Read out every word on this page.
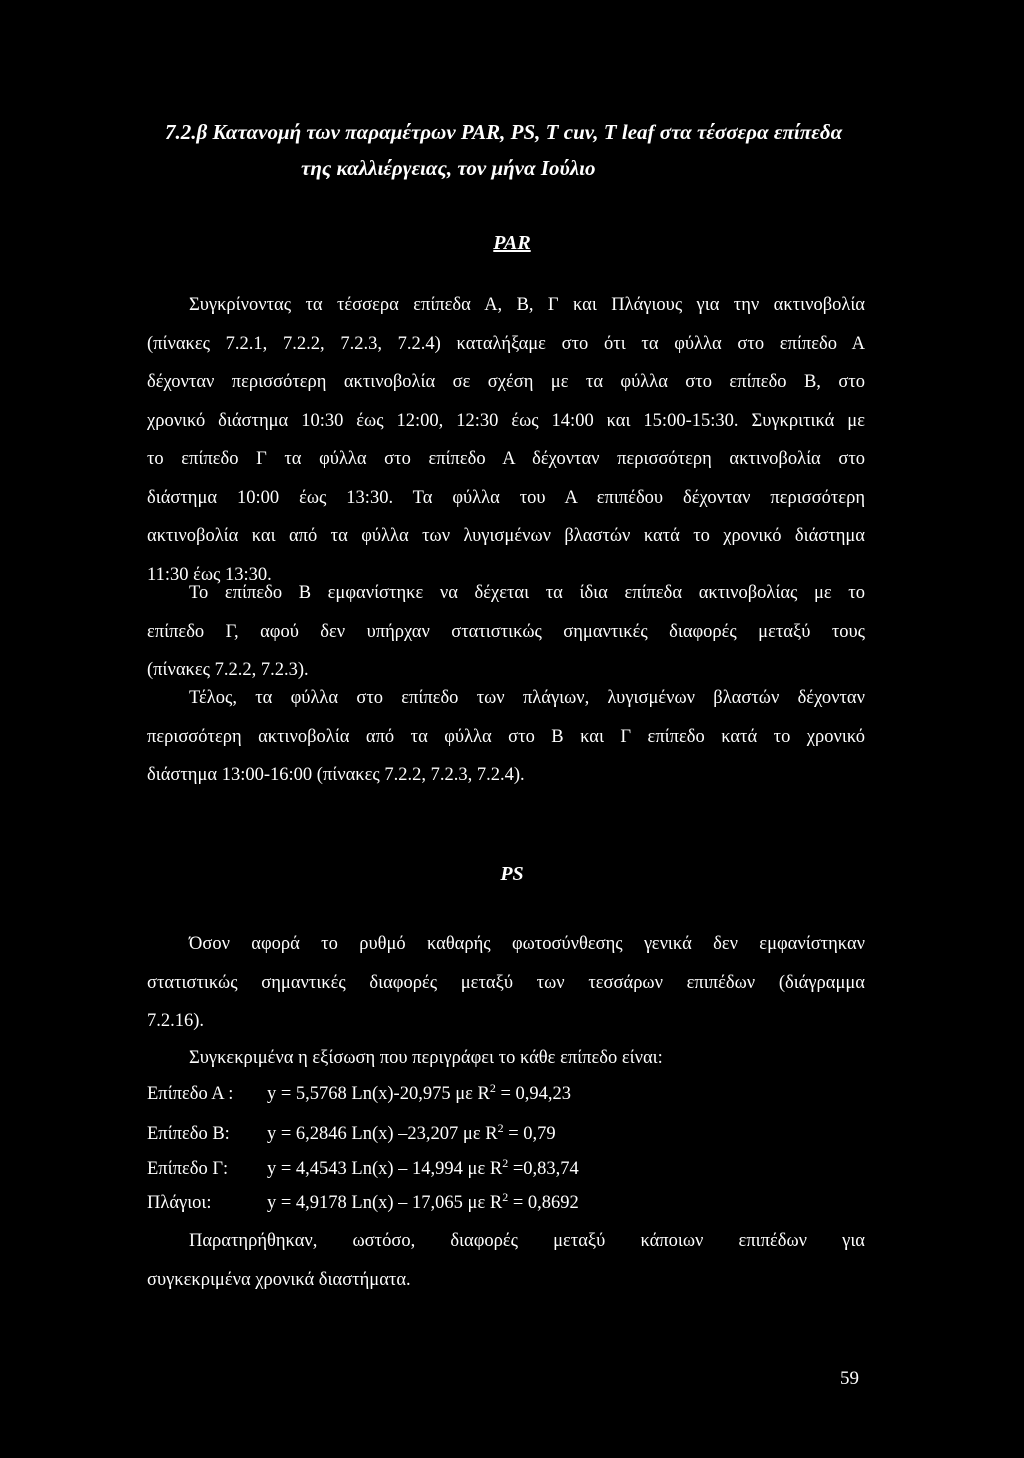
7.2.β Κατανομή των παραμέτρων PAR, PS, T cuv, T leaf στα τέσσερα επίπεδα
της καλλιέργειας, τον μήνα Ιούλιο
PAR
Συγκρίνοντας τα τέσσερα επίπεδα Α, Β, Γ και Πλάγιους για την ακτινοβολία
(πίνακες 7.2.1, 7.2.2, 7.2.3, 7.2.4) καταλήξαμε στο ότι τα φύλλα στο επίπεδο Α
δέχονταν περισσότερη ακτινοβολία σε σχέση με τα φύλλα στο επίπεδο Β, στο
χρονικό διάστημα 10:30 έως 12:00, 12:30 έως 14:00 και 15:00-15:30. Συγκριτικά με
το επίπεδο Γ τα φύλλα στο επίπεδο Α δέχονταν περισσότερη ακτινοβολία στο
διάστημα 10:00 έως 13:30. Τα φύλλα του Α επιπέδου δέχονταν περισσότερη
ακτινοβολία και από τα φύλλα των λυγισμένων βλαστών κατά το χρονικό διάστημα
11:30 έως 13:30.
Το επίπεδο Β εμφανίστηκε να δέχεται τα ίδια επίπεδα ακτινοβολίας με το
επίπεδο Γ, αφού δεν υπήρχαν στατιστικώς σημαντικές διαφορές μεταξύ τους
(πίνακες 7.2.2, 7.2.3).
Τέλος, τα φύλλα στο επίπεδο των πλάγιων, λυγισμένων βλαστών δέχονταν
περισσότερη ακτινοβολία από τα φύλλα στο Β και Γ επίπεδο κατά το χρονικό
διάστημα 13:00-16:00 (πίνακες 7.2.2, 7.2.3, 7.2.4).
PS
Όσον αφορά το ρυθμό καθαρής φωτοσύνθεσης γενικά δεν εμφανίστηκαν
στατιστικώς σημαντικές διαφορές μεταξύ των τεσσάρων επιπέδων (διάγραμμα
7.2.16).
Συγκεκριμένα η εξίσωση που περιγράφει το κάθε επίπεδο είναι:
Επίπεδο Α : y = 5,5768 Ln(x)-20,975 με $R^2 = 0,94,23$
Επίπεδο Β: y = 6,2846 Ln(x) –23,207 με $R^2 = 0,79$
Επίπεδο Γ: y = 4,4543 Ln(x) – 14,994 με $R^2 =0,83,74$
Πλάγιοι:	y = 4,9178 Ln(x) – 17,065 με $R^2 = 0,8692$
Παρατηρήθηκαν, ωστόσο, διαφορές μεταξύ κάποιων επιπέδων για
συγκεκριμένα χρονικά διαστήματα.
59
